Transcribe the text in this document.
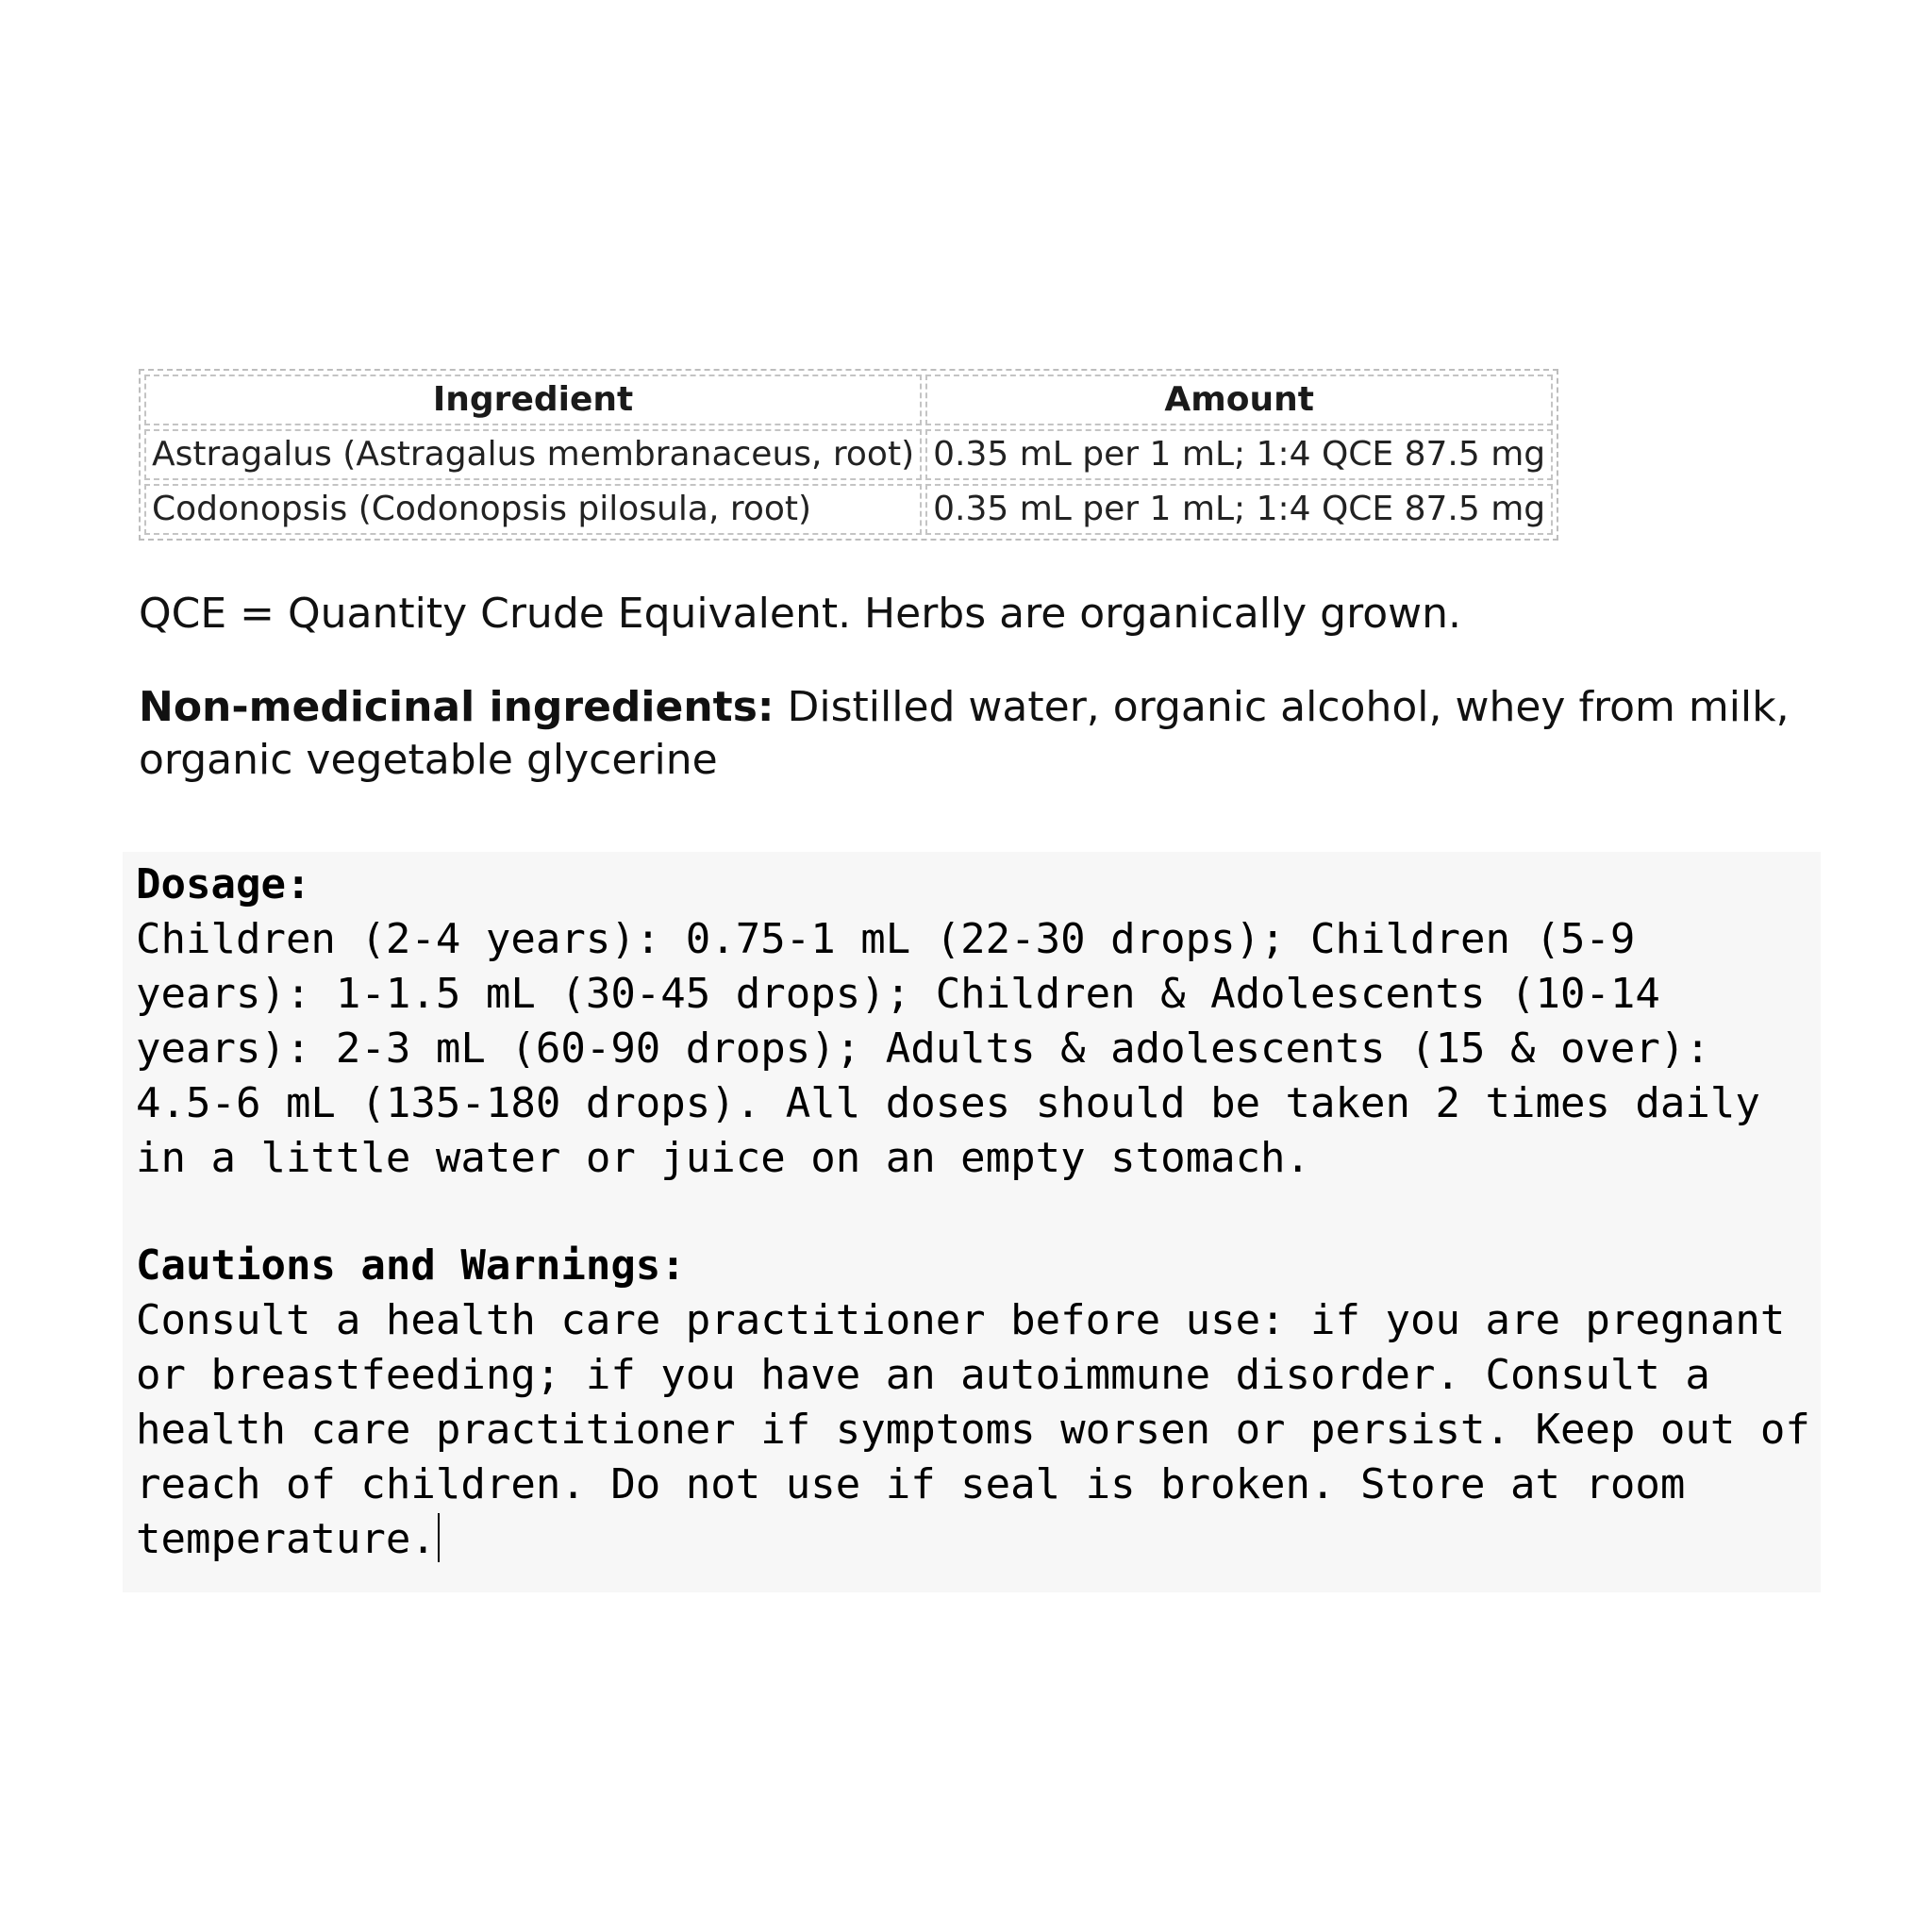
Ingredient	Amount
Astragalus (Astragalus membranaceus, root)	0.35 mL per 1 mL; 1:4 QCE 87.5 mg
Codonopsis (Codonopsis pilosula, root)	0.35 mL per 1 mL; 1:4 QCE 87.5 mg

QCE = Quantity Crude Equivalent. Herbs are organically grown.

Non-medicinal ingredients: Distilled water, organic alcohol, whey from milk, organic vegetable glycerine

Dosage:
Children (2-4 years): 0.75-1 mL (22-30 drops); Children (5-9 years): 1-1.5 mL (30-45 drops); Children & Adolescents (10-14 years): 2-3 mL (60-90 drops); Adults & adolescents (15 & over): 4.5-6 mL (135-180 drops). All doses should be taken 2 times daily in a little water or juice on an empty stomach.
Cautions and Warnings:
Consult a health care practitioner before use: if you are pregnant or breastfeeding; if you have an autoimmune disorder. Consult a health care practitioner if symptoms worsen or persist. Keep out of reach of children. Do not use if seal is broken. Store at room temperature.
